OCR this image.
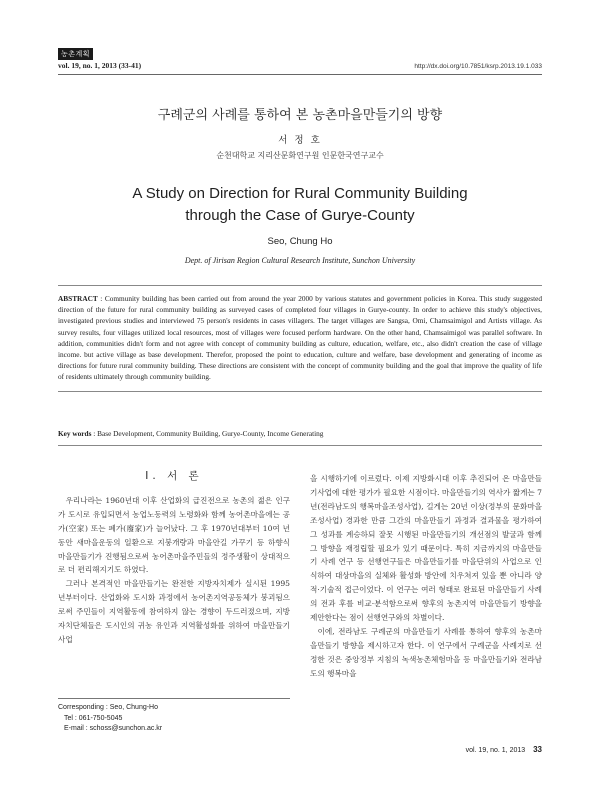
농촌계획
vol. 19, no. 1, 2013 (33-41)	http://dx.doi.org/10.7851/ksrp.2013.19.1.033
구례군의 사례를 통하여 본 농촌마을만들기의 방향
서 정 호
순천대학교 지리산문화연구원 인문한국연구교수
A Study on Direction for Rural Community Building
through the Case of Gurye-County
Seo, Chung Ho
Dept. of Jirisan Region Cultural Research Institute, Sunchon University
ABSTRACT : Community building has been carried out from around the year 2000 by various statutes and government policies in Korea. This study suggested direction of the future for rural community building as surveyed cases of completed four villages in Gurye-county. In order to achieve this study's objectives, investigated previous studies and interviewed 75 person's residents in cases villagers. The target villages are Sangsa, Omi, Chamsaimigol and Artists village. As survey results, four villages utilized local resources, most of villages were focused perform hardware. On the other hand, Chamsaimigol was parallel software. In addition, communities didn't form and not agree with concept of community building as culture, education, welfare, etc., also didn't creation the case of village income. but active village as base development. Therefor, proposed the point to education, culture and welfare, base development and generating of income as directions for future rural community building. These directions are consistent with the concept of community building and the goal that improve the quality of life of residents ultimately through community building.
Key words : Base Development, Community Building, Gurye-County, Income Generating
I. 서 론

우리나라는 1960년대 이후 산업화의 급진전으로 농촌의 젊은 인구가 도시로 유입되면서 농업노동력의 노령화와 함께 농어촌마을에는 공가(空家) 또는 폐가(廢家)가 늘어났다. 그 후 1970년대부터 10여 년 동안 새마을운동의 일환으로 지붕개량과 마을안길 가꾸기 등 하향식 마을만들기가 진행됨으로써 농어촌마을주민들의 정주생활이 상대적으로 더 편리해지기도 하였다.

그러나 본격적인 마을만들기는 완전한 지방자치제가 실시된 1995년부터이다. 산업화와 도시화 과정에서 농어촌지역공동체가 붕괴됨으로써 주민들이 지역활동에 참여하지 않는 경향이 두드러졌으며, 지방자치단체들은 도시인의 귀농 유인과 지역활성화를 위하여 마을만들기사업

을 시행하기에 이르렀다. 이제 지방화시대 이후 추진되어 온 마을만들기사업에 대한 평가가 필요한 시점이다. 마을만들기의 역사가 짧게는 7년(전라남도의 행복마을조성사업), 길게는 20년 이상(정부의 문화마을조성사업) 경과한 만큼 그간의 마을만들기 과정과 결과물을 평가하여 그 성과를 계승하되 잘못 시행된 마을만들기의 개선점의 발굴과 함께 그 방향을 재정립할 필요가 있기 때문이다. 특히 지금까지의 마을만들기 사례 연구 등 선행연구들은 마을만들기를 마을단위의 사업으로 인식하여 대상마을의 실체와 활성화 방안에 치우쳐져 있을 뿐 아니라 양적·기술적 접근이었다. 이 연구는 여러 형태로 완료된 마을만들기 사례의 전과 후를 비교·분석함으로써 향후의 농촌지역 마을만들기 방향을 제안한다는 점이 선행연구와의 차별이다.

이에, 전라남도 구례군의 마을만들기 사례를 통하여 향후의 농촌마을만들기 방향을 제시하고자 한다. 이 연구에서 구례군을 사례지로 선정한 것은 중앙정부 지침의 녹색농촌체험마을 등 마을만들기와 전라남도의 행복마을

Corresponding : Seo, Chung-Ho
Tel : 061-750-5045
E-mail : schoss@sunchon.ac.kr
vol. 19, no. 1, 2013 33
